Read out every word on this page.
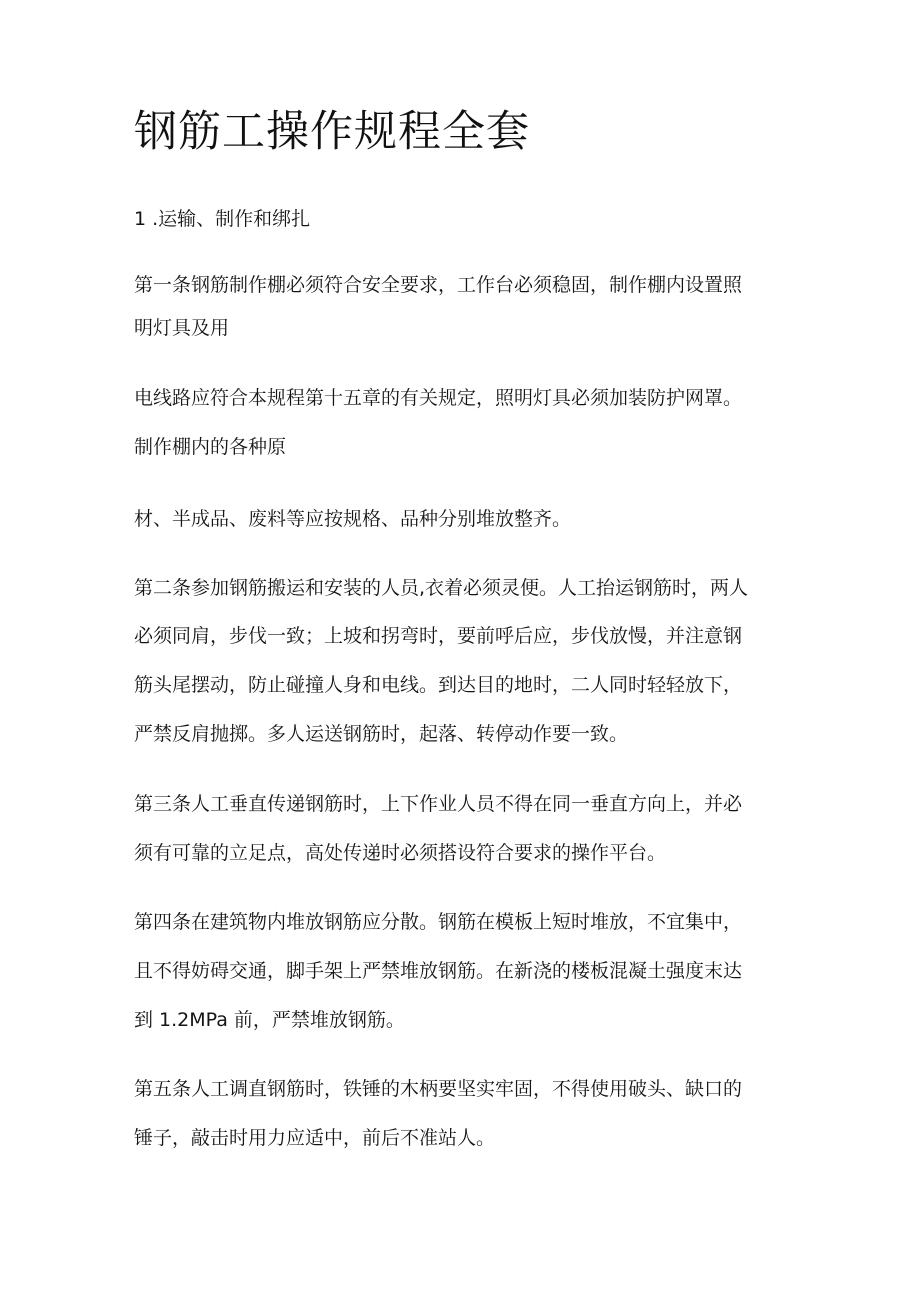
钢筋工操作规程全套

1 .运输、制作和绑扎

第一条钢筋制作棚必须符合安全要求，工作台必须稳固，制作棚内设置照

明灯具及用

电线路应符合本规程第十五章的有关规定，照明灯具必须加装防护网罩。

制作棚内的各种原

材、半成品、废料等应按规格、品种分别堆放整齐。

第二条参加钢筋搬运和安装的人员,衣着必须灵便。人工抬运钢筋时，两人

必须同肩，步伐一致；上坡和拐弯时，要前呼后应，步伐放慢，并注意钢

筋头尾摆动，防止碰撞人身和电线。到达目的地时，二人同时轻轻放下，

严禁反肩抛掷。多人运送钢筋时，起落、转停动作要一致。

第三条人工垂直传递钢筋时，上下作业人员不得在同一垂直方向上，并必

须有可靠的立足点，高处传递时必须搭设符合要求的操作平台。

第四条在建筑物内堆放钢筋应分散。钢筋在模板上短时堆放，不宜集中，

且不得妨碍交通，脚手架上严禁堆放钢筋。在新浇的楼板混凝土强度末达

到 1.2MPa 前，严禁堆放钢筋。

第五条人工调直钢筋时，铁锤的木柄要坚实牢固，不得使用破头、缺口的

锤子，敲击时用力应适中，前后不准站人。
